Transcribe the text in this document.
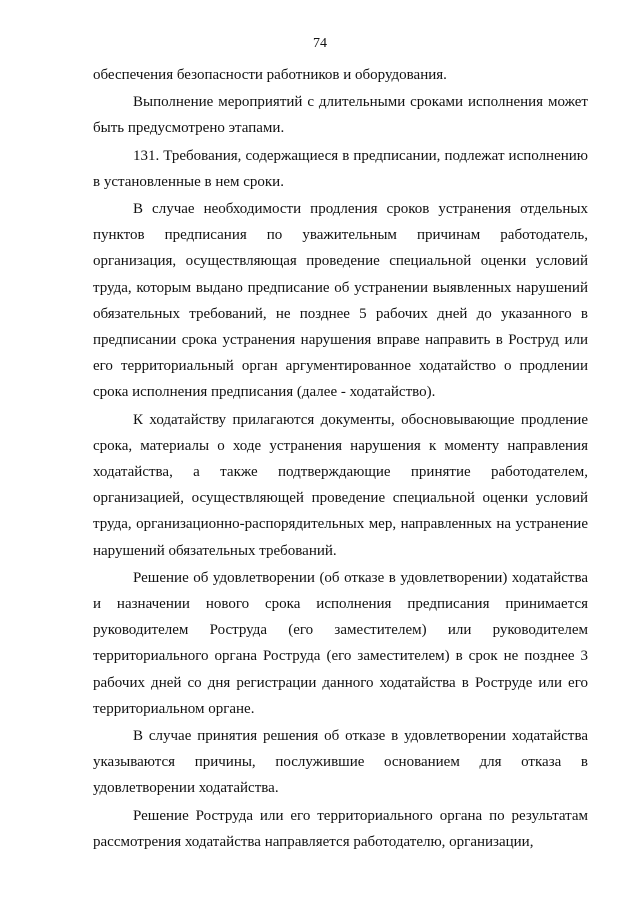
74

обеспечения безопасности работников и оборудования.

Выполнение мероприятий с длительными сроками исполнения может быть предусмотрено этапами.

131. Требования, содержащиеся в предписании, подлежат исполнению в установленные в нем сроки.

В случае необходимости продления сроков устранения отдельных пунктов предписания по уважительным причинам работодатель, организация, осуществляющая проведение специальной оценки условий труда, которым выдано предписание об устранении выявленных нарушений обязательных требований, не позднее 5 рабочих дней до указанного в предписании срока устранения нарушения вправе направить в Роструд или его территориальный орган аргументированное ходатайство о продлении срока исполнения предписания (далее - ходатайство).

К ходатайству прилагаются документы, обосновывающие продление срока, материалы о ходе устранения нарушения к моменту направления ходатайства, а также подтверждающие принятие работодателем, организацией, осуществляющей проведение специальной оценки условий труда, организационно-распорядительных мер, направленных на устранение нарушений обязательных требований.

Решение об удовлетворении (об отказе в удовлетворении) ходатайства и назначении нового срока исполнения предписания принимается руководителем Роструда (его заместителем) или руководителем территориального органа Роструда (его заместителем) в срок не позднее 3 рабочих дней со дня регистрации данного ходатайства в Роструде или его территориальном органе.

В случае принятия решения об отказе в удовлетворении ходатайства указываются причины, послужившие основанием для отказа в удовлетворении ходатайства.

Решение Роструда или его территориального органа по результатам рассмотрения ходатайства направляется работодателю, организации,
